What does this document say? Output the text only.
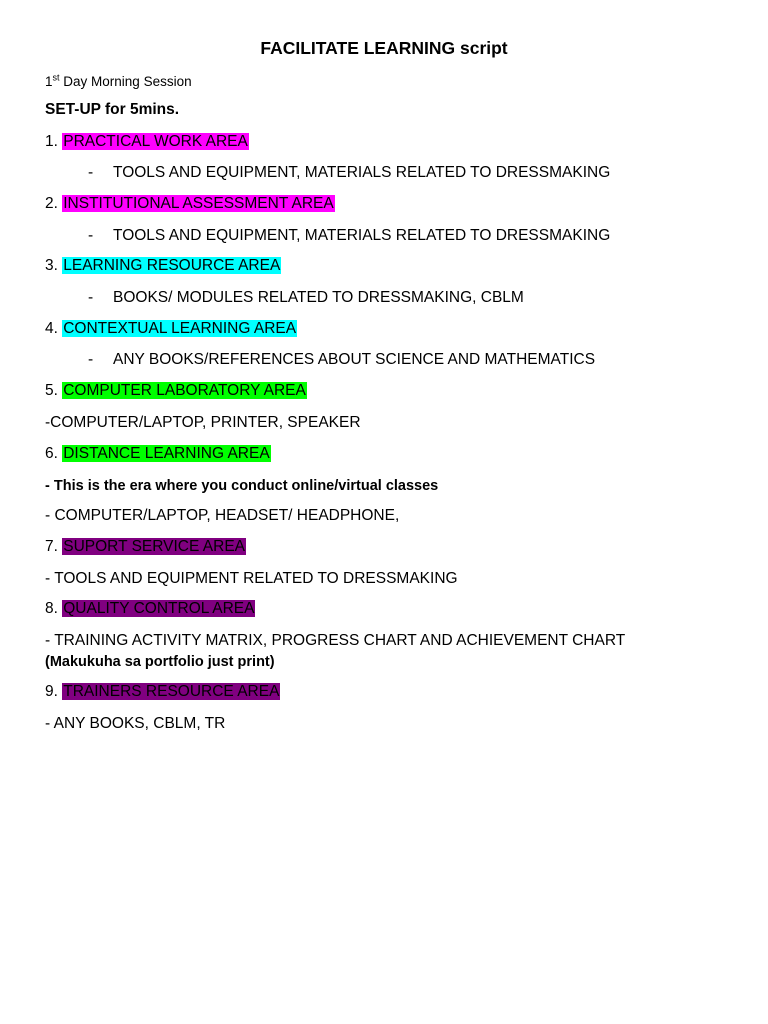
FACILITATE LEARNING script
1st Day Morning Session
SET-UP for 5mins.
1. PRACTICAL WORK AREA
- TOOLS AND EQUIPMENT, MATERIALS RELATED TO DRESSMAKING
2. INSTITUTIONAL ASSESSMENT AREA
- TOOLS AND EQUIPMENT, MATERIALS RELATED TO DRESSMAKING
3. LEARNING RESOURCE AREA
- BOOKS/ MODULES RELATED TO DRESSMAKING, CBLM
4. CONTEXTUAL LEARNING AREA
- ANY BOOKS/REFERENCES ABOUT SCIENCE AND MATHEMATICS
5. COMPUTER LABORATORY AREA
-COMPUTER/LAPTOP, PRINTER, SPEAKER
6. DISTANCE LEARNING AREA
- This is the era where you conduct online/virtual classes
- COMPUTER/LAPTOP, HEADSET/ HEADPHONE,
7. SUPORT SERVICE AREA
- TOOLS AND EQUIPMENT RELATED TO DRESSMAKING
8. QUALITY CONTROL AREA
- TRAINING ACTIVITY MATRIX, PROGRESS CHART AND ACHIEVEMENT CHART
(Makukuha sa portfolio just print)
9. TRAINERS RESOURCE AREA
- ANY BOOKS, CBLM, TR
